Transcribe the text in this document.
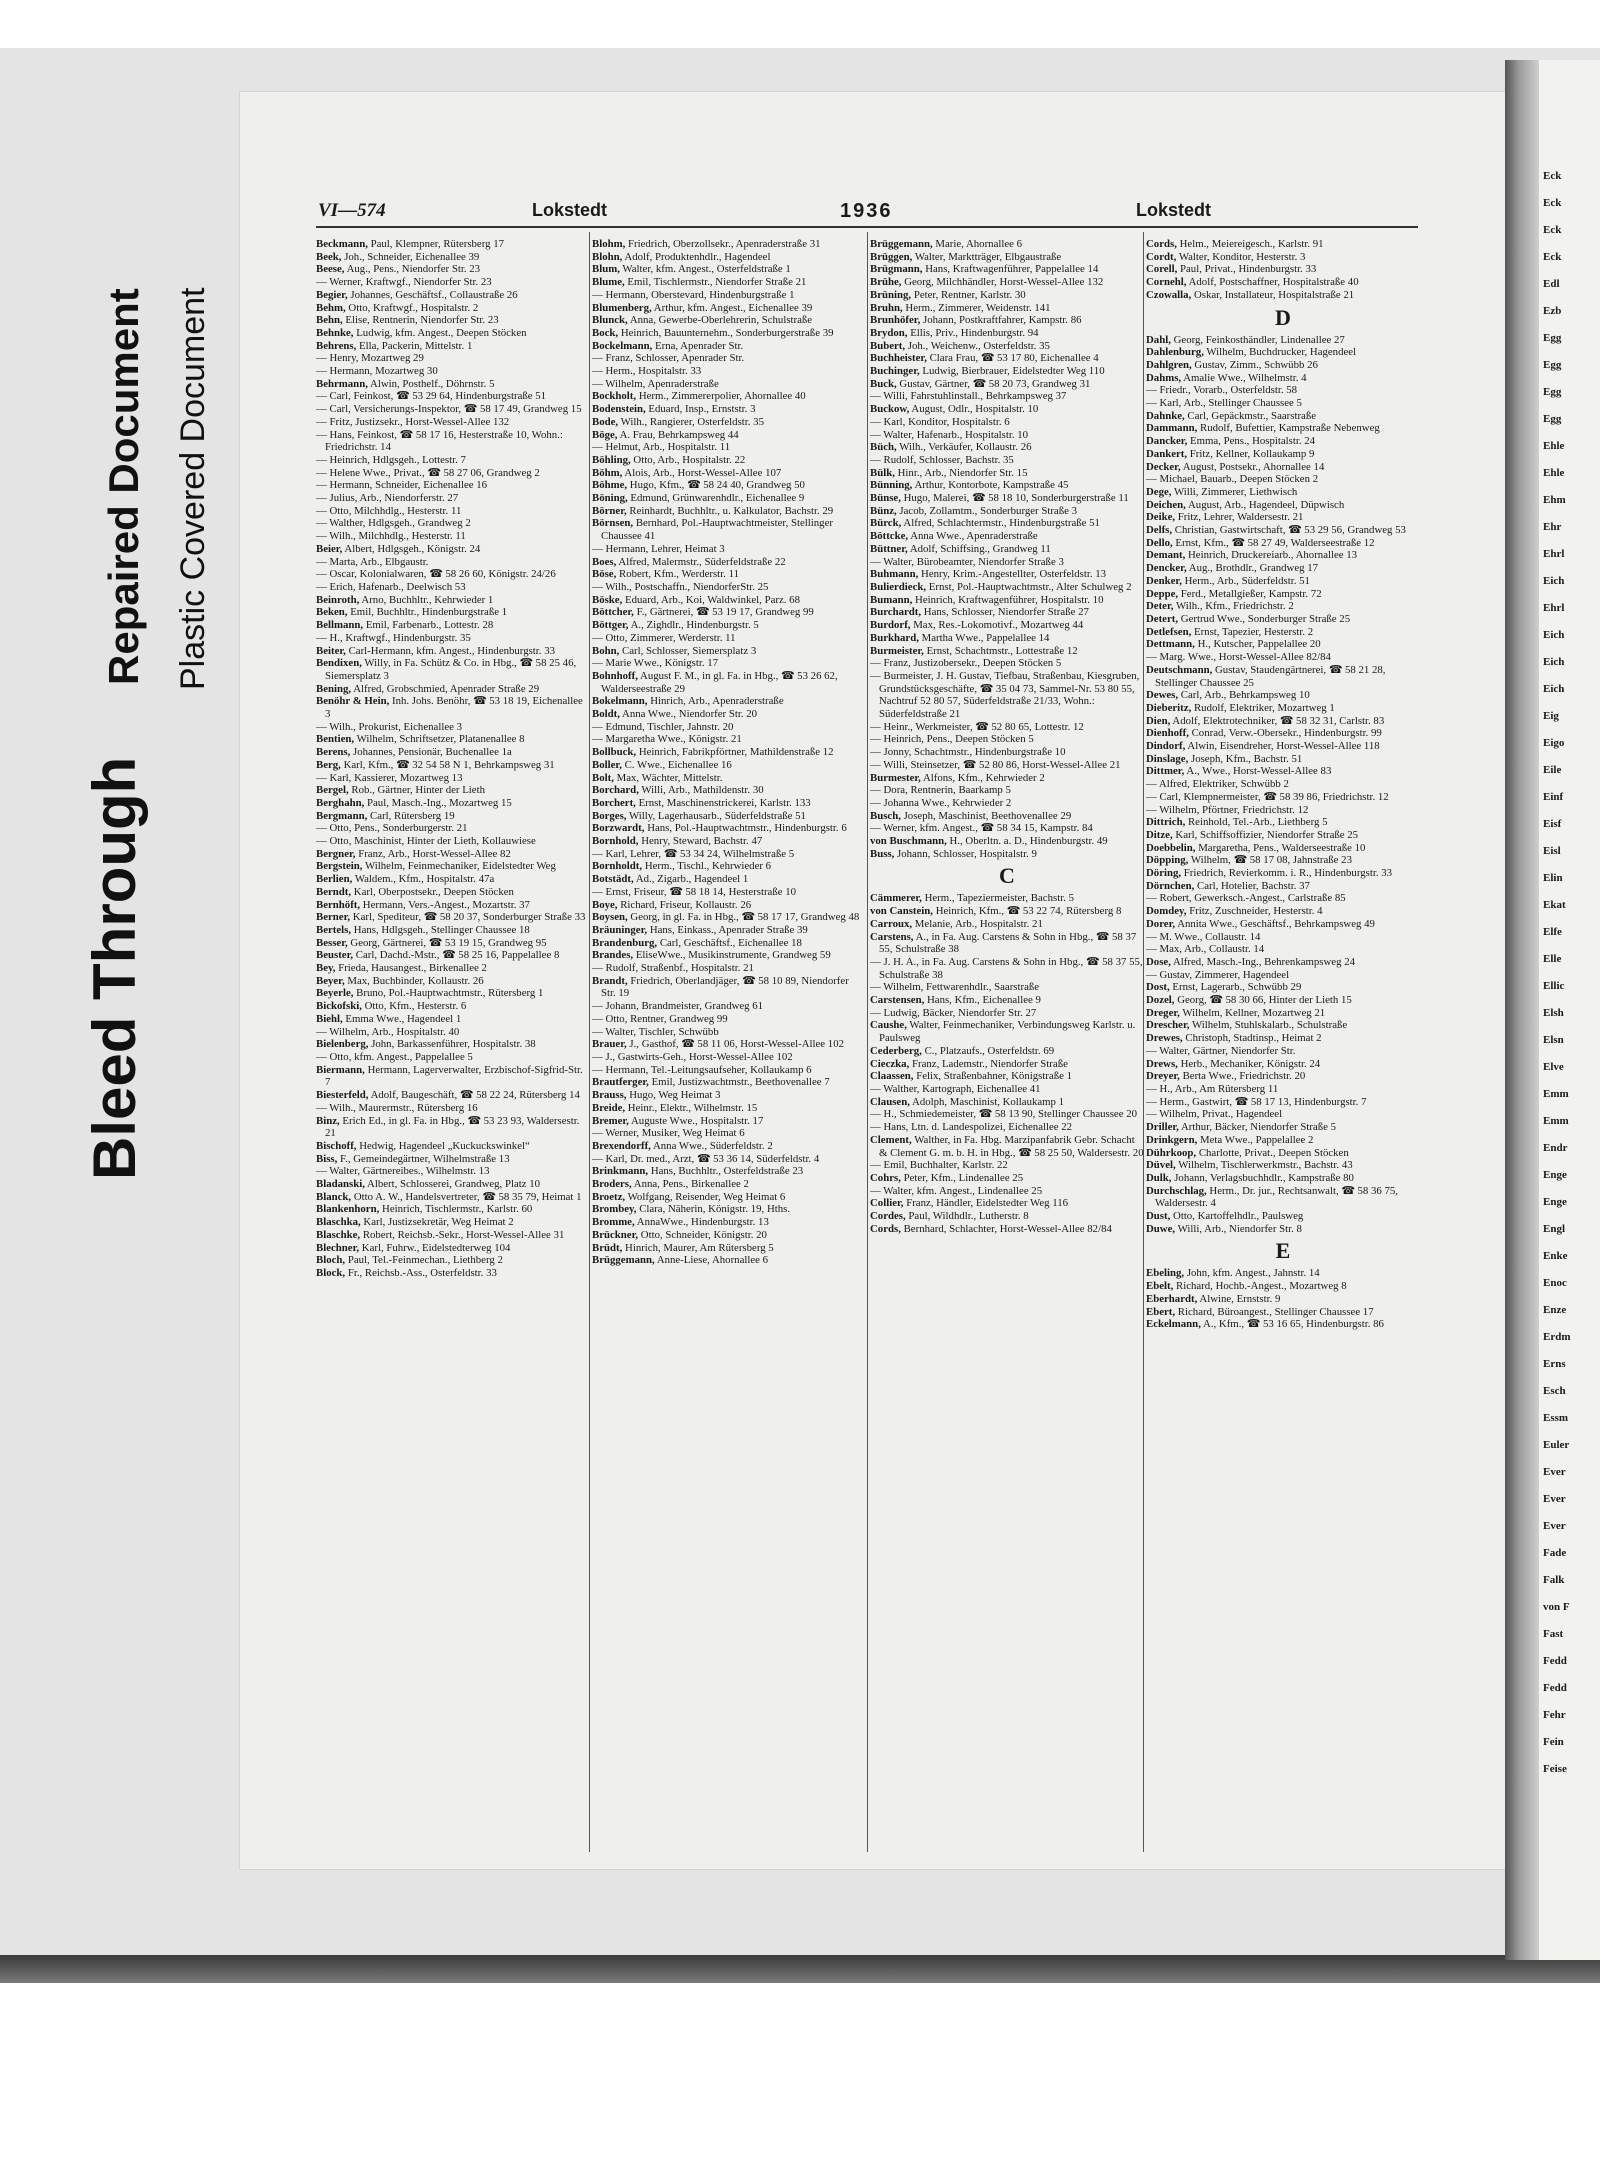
Bleed Through
Repaired Document Plastic Covered Document
VI—574	Lokstedt	1936	Lokstedt

Beckmann, Paul, Klempner, Rütersberg 17

Beek, Joh., Schneider, Eichenallee 39

Beese, Aug., Pens., Niendorfer Str. 23

— Werner, Kraftwgf., Niendorfer Str. 23

Begier, Johannes, Geschäftsf., Collaustraße 26

Behm, Otto, Kraftwgf., Hospitalstr. 2

Behn, Elise, Rentnerin, Niendorfer Str. 23

Behnke, Ludwig, kfm. Angest., Deepen Stöcken

Behrens, Ella, Packerin, Mittelstr. 1

— Henry, Mozartweg 29

— Hermann, Mozartweg 30

Behrmann, Alwin, Posthelf., Döhrnstr. 5

— Carl, Feinkost, ☎ 53 29 64, Hindenburgstraße 51

— Carl, Versicherungs-Inspektor, ☎ 58 17 49, Grandweg 15

— Fritz, Justizsekr., Horst-Wessel-Allee 132

— Hans, Feinkost, ☎ 58 17 16, Hesterstraße 10, Wohn.: Friedrichstr. 14

— Heinrich, Hdlgsgeh., Lottestr. 7

— Helene Wwe., Privat., ☎ 58 27 06, Grandweg 2

— Hermann, Schneider, Eichenallee 16

— Julius, Arb., Niendorferstr. 27

— Otto, Milchhdlg., Hesterstr. 11

— Walther, Hdlgsgeh., Grandweg 2

— Wilh., Milchhdlg., Hesterstr. 11

Beier, Albert, Hdlgsgeh., Königstr. 24

— Marta, Arb., Elbgaustr.

— Oscar, Kolonialwaren, ☎ 58 26 60, Königstr. 24/26

— Erich, Hafenarb., Deelwisch 53

Beinroth, Arno, Buchhltr., Kehrwieder 1

Beken, Emil, Buchhltr., Hindenburgstraße 1

Bellmann, Emil, Farbenarb., Lottestr. 28

— H., Kraftwgf., Hindenburgstr. 35

Beiter, Carl-Hermann, kfm. Angest., Hindenburgstr. 33

Bendixen, Willy, in Fa. Schütz & Co. in Hbg., ☎ 58 25 46, Siemersplatz 3

Bening, Alfred, Grobschmied, Apenrader Straße 29

Benöhr & Hein, Inh. Johs. Benöhr, ☎ 53 18 19, Eichenallee 3

— Wilh., Prokurist, Eichenallee 3

Bentien, Wilhelm, Schriftsetzer, Platanenallee 8

Berens, Johannes, Pensionär, Buchenallee 1a

Berg, Karl, Kfm., ☎ 32 54 58 N 1, Behrkampsweg 31

— Karl, Kassierer, Mozartweg 13

Bergel, Rob., Gärtner, Hinter der Lieth

Berghahn, Paul, Masch.-Ing., Mozartweg 15

Bergmann, Carl, Rütersberg 19

— Otto, Pens., Sonderburgerstr. 21

— Otto, Maschinist, Hinter der Lieth, Kollauwiese

Bergner, Franz, Arb., Horst-Wessel-Allee 82

Bergstein, Wilhelm, Feinmechaniker, Eidelstedter Weg

Berlien, Waldem., Kfm., Hospitalstr. 47a

Berndt, Karl, Oberpostsekr., Deepen Stöcken

Bernhöft, Hermann, Vers.-Angest., Mozartstr. 37

Berner, Karl, Spediteur, ☎ 58 20 37, Sonderburger Straße 33

Bertels, Hans, Hdlgsgeh., Stellinger Chaussee 18

Besser, Georg, Gärtnerei, ☎ 53 19 15, Grandweg 95

Beuster, Carl, Dachd.-Mstr., ☎ 58 25 16, Pappelallee 8

Bey, Frieda, Hausangest., Birkenallee 2

Beyer, Max, Buchbinder, Kollaustr. 26

Beyerle, Bruno, Pol.-Hauptwachtmstr., Rütersberg 1

Bickofski, Otto, Kfm., Hesterstr. 6

Biehl, Emma Wwe., Hagendeel 1

— Wilhelm, Arb., Hospitalstr. 40

Bielenberg, John, Barkassenführer, Hospitalstr. 38

— Otto, kfm. Angest., Pappelallee 5

Biermann, Hermann, Lagerverwalter, Erzbischof-Sigfrid-Str. 7

Biesterfeld, Adolf, Baugeschäft, ☎ 58 22 24, Rütersberg 14

— Wilh., Maurermstr., Rütersberg 16

Binz, Erich Ed., in gl. Fa. in Hbg., ☎ 53 23 93, Waldersestr. 21

Bischoff, Hedwig, Hagendeel „Kuckuckswinkel“

Biss, F., Gemeindegärtner, Wilhelmstraße 13

— Walter, Gärtnereibes., Wilhelmstr. 13

Bladanski, Albert, Schlosserei, Grandweg, Platz 10

Blanck, Otto A. W., Handelsvertreter, ☎ 58 35 79, Heimat 1

Blankenhorn, Heinrich, Tischlermstr., Karlstr. 60

Blaschka, Karl, Justizsekretär, Weg Heimat 2

Blaschke, Robert, Reichsb.-Sekr., Horst-Wessel-Allee 31

Blechner, Karl, Fuhrw., Eidelstedterweg 104

Bloch, Paul, Tel.-Feinmechan., Liethberg 2

Block, Fr., Reichsb.-Ass., Osterfeldstr. 33

Blohm, Friedrich, Oberzollsekr., Apenraderstraße 31

Blohn, Adolf, Produktenhdlr., Hagendeel

Blum, Walter, kfm. Angest., Osterfeldstraße 1

Blume, Emil, Tischlermstr., Niendorfer Straße 21

— Hermann, Oberstevard, Hindenburgstraße 1

Blumenberg, Arthur, kfm. Angest., Eichenallee 39

Blunck, Anna, Gewerbe-Oberlehrerin, Schulstraße

Bock, Heinrich, Bauunternehm., Sonderburgerstraße 39

Bockelmann, Erna, Apenrader Str.

— Franz, Schlosser, Apenrader Str.

— Herm., Hospitalstr. 33

— Wilhelm, Apenraderstraße

Bockholt, Herm., Zimmererpolier, Ahornallee 40

Bodenstein, Eduard, Insp., Ernststr. 3

Bode, Wilh., Rangierer, Osterfeldstr. 35

Böge, A. Frau, Behrkampsweg 44

— Helmut, Arb., Hospitalstr. 11

Böhling, Otto, Arb., Hospitalstr. 22

Böhm, Alois, Arb., Horst-Wessel-Allee 107

Böhme, Hugo, Kfm., ☎ 58 24 40, Grandweg 50

Böning, Edmund, Grünwarenhdlr., Eichenallee 9

Börner, Reinhardt, Buchhltr., u. Kalkulator, Bachstr. 29

Börnsen, Bernhard, Pol.-Hauptwachtmeister, Stellinger Chaussee 41

— Hermann, Lehrer, Heimat 3

Boes, Alfred, Malermstr., Süderfeldstraße 22

Böse, Robert, Kfm., Werderstr. 11

— Wilh., Postschaffn., NiendorferStr. 25

Böske, Eduard, Arb., Koi, Waldwinkel, Parz. 68

Böttcher, F., Gärtnerei, ☎ 53 19 17, Grandweg 99

Böttger, A., Zighdlr., Hindenburgstr. 5

— Otto, Zimmerer, Werderstr. 11

Bohn, Carl, Schlosser, Siemersplatz 3

— Marie Wwe., Königstr. 17

Bohnhoff, August F. M., in gl. Fa. in Hbg., ☎ 53 26 62, Walderseestraße 29

Bokelmann, Hinrich, Arb., Apenraderstraße

Boldt, Anna Wwe., Niendorfer Str. 20

— Edmund, Tischler, Jahnstr. 20

— Margaretha Wwe., Königstr. 21

Bollbuck, Heinrich, Fabrikpförtner, Mathildenstraße 12

Boller, C. Wwe., Eichenallee 16

Bolt, Max, Wächter, Mittelstr.

Borchard, Willi, Arb., Mathildenstr. 30

Borchert, Ernst, Maschinenstrickerei, Karlstr. 133

Borges, Willy, Lagerhausarb., Süderfeldstraße 51

Borzwardt, Hans, Pol.-Hauptwachtmstr., Hindenburgstr. 6

Bornhold, Henry, Steward, Bachstr. 47

— Karl, Lehrer, ☎ 53 34 24, Wilhelmstraße 5

Bornholdt, Herm., Tischl., Kehrwieder 6

Botstädt, Ad., Zigarb., Hagendeel 1

— Ernst, Friseur, ☎ 58 18 14, Hesterstraße 10

Boye, Richard, Friseur, Kollaustr. 26

Boysen, Georg, in gl. Fa. in Hbg., ☎ 58 17 17, Grandweg 48

Bräuninger, Hans, Einkass., Apenrader Straße 39

Brandenburg, Carl, Geschäftsf., Eichenallee 18

Brandes, EliseWwe., Musikinstrumente, Grandweg 59

— Rudolf, Straßenbf., Hospitalstr. 21

Brandt, Friedrich, Oberlandjäger, ☎ 58 10 89, Niendorfer Str. 19

— Johann, Brandmeister, Grandweg 61

— Otto, Rentner, Grandweg 99

— Walter, Tischler, Schwübb

Brauer, J., Gasthof, ☎ 58 11 06, Horst-Wessel-Allee 102

— J., Gastwirts-Geh., Horst-Wessel-Allee 102

— Hermann, Tel.-Leitungsaufseher, Kollaukamp 6

Brautferger, Emil, Justizwachtmstr., Beethovenallee 7

Brauss, Hugo, Weg Heimat 3

Breide, Heinr., Elektr., Wilhelmstr. 15

Bremer, Auguste Wwe., Hospitalstr. 17

— Werner, Musiker, Weg Heimat 6

Brexendorff, Anna Wwe., Süderfeldstr. 2

— Karl, Dr. med., Arzt, ☎ 53 36 14, Süderfeldstr. 4

Brinkmann, Hans, Buchhltr., Osterfeldstraße 23

Broders, Anna, Pens., Birkenallee 2

Broetz, Wolfgang, Reisender, Weg Heimat 6

Brombey, Clara, Näherin, Königstr. 19, Hths.

Bromme, AnnaWwe., Hindenburgstr. 13

Brückner, Otto, Schneider, Königstr. 20

Brüdt, Hinrich, Maurer, Am Rütersberg 5

Brüggemann, Anne-Liese, Ahornallee 6

Brüggemann, Marie, Ahornallee 6

Brüggen, Walter, Marktträger, Elbgaustraße

Brügmann, Hans, Kraftwagenführer, Pappelallee 14

Brühe, Georg, Milchhändler, Horst-Wessel-Allee 132

Brüning, Peter, Rentner, Karlstr. 30

Bruhn, Herm., Zimmerer, Weidenstr. 141

Brunhöfer, Johann, Postkraftfahrer, Kampstr. 86

Brydon, Ellis, Priv., Hindenburgstr. 94

Bubert, Joh., Weichenw., Osterfeldstr. 35

Buchheister, Clara Frau, ☎ 53 17 80, Eichenallee 4

Buchinger, Ludwig, Bierbrauer, Eidelstedter Weg 110

Buck, Gustav, Gärtner, ☎ 58 20 73, Grandweg 31

— Willi, Fahrstuhlinstall., Behrkampsweg 37

Buckow, August, Odlr., Hospitalstr. 10

— Karl, Konditor, Hospitalstr. 6

— Walter, Hafenarb., Hospitalstr. 10

Büch, Wilh., Verkäufer, Kollaustr. 26

— Rudolf, Schlosser, Bachstr. 35

Bülk, Hinr., Arb., Niendorfer Str. 15

Bünning, Arthur, Kontorbote, Kampstraße 45

Bünse, Hugo, Malerei, ☎ 58 18 10, Sonderburgerstraße 11

Bünz, Jacob, Zollamtm., Sonderburger Straße 3

Bürck, Alfred, Schlachtermstr., Hindenburgstraße 51

Böttcke, Anna Wwe., Apenraderstraße

Büttner, Adolf, Schiffsing., Grandweg 11

— Walter, Bürobeamter, Niendorfer Straße 3

Buhmann, Henry, Krim.-Angestellter, Osterfeldstr. 13

Bulierdieck, Ernst, Pol.-Hauptwachtmstr., Alter Schulweg 2

Bumann, Heinrich, Kraftwagenführer, Hospitalstr. 10

Burchardt, Hans, Schlosser, Niendorfer Straße 27

Burdorf, Max, Res.-Lokomotivf., Mozartweg 44

Burkhard, Martha Wwe., Pappelallee 14

Burmeister, Ernst, Schachtmstr., Lottestraße 12

— Franz, Justizobersekr., Deepen Stöcken 5

— Burmeister, J. H. Gustav, Tiefbau, Straßenbau, Kiesgruben, Grundstücksgeschäfte, ☎ 35 04 73, Sammel-Nr. 53 80 55, Nachtruf 52 80 57, Süderfeldstraße 21/33, Wohn.: Süderfeldstraße 21

— Heinr., Werkmeister, ☎ 52 80 65, Lottestr. 12

— Heinrich, Pens., Deepen Stöcken 5

— Jonny, Schachtmstr., Hindenburgstraße 10

— Willi, Steinsetzer, ☎ 52 80 86, Horst-Wessel-Allee 21

Burmester, Alfons, Kfm., Kehrwieder 2

— Dora, Rentnerin, Baarkamp 5

— Johanna Wwe., Kehrwieder 2

Busch, Joseph, Maschinist, Beethovenallee 29

— Werner, kfm. Angest., ☎ 58 34 15, Kampstr. 84

von Buschmann, H., Oberltn. a. D., Hindenburgstr. 49

Buss, Johann, Schlosser, Hospitalstr. 9

C

Cämmerer, Herm., Tapeziermeister, Bachstr. 5

von Canstein, Heinrich, Kfm., ☎ 53 22 74, Rütersberg 8

Carroux, Melanie, Arb., Hospitalstr. 21

Carstens, A., in Fa. Aug. Carstens & Sohn in Hbg., ☎ 58 37 55, Schulstraße 38

— J. H. A., in Fa. Aug. Carstens & Sohn in Hbg., ☎ 58 37 55, Schulstraße 38

— Wilhelm, Fettwarenhdlr., Saarstraße

Carstensen, Hans, Kfm., Eichenallee 9

— Ludwig, Bäcker, Niendorfer Str. 27

Caushe, Walter, Feinmechaniker, Verbindungsweg Karlstr. u. Paulsweg

Cederberg, C., Platzaufs., Osterfeldstr. 69

Cieczka, Franz, Lademstr., Niendorfer Straße

Claassen, Felix, Straßenbahner, Königstraße 1

— Walther, Kartograph, Eichenallee 41

Clausen, Adolph, Maschinist, Kollaukamp 1

— H., Schmiedemeister, ☎ 58 13 90, Stellinger Chaussee 20

— Hans, Ltn. d. Landespolizei, Eichenallee 22

Clement, Walther, in Fa. Hbg. Marzipanfabrik Gebr. Schacht & Clement G. m. b. H. in Hbg., ☎ 58 25 50, Waldersestr. 20

— Emil, Buchhalter, Karlstr. 22

Cohrs, Peter, Kfm., Lindenallee 25

— Walter, kfm. Angest., Lindenallee 25

Collier, Franz, Händler, Eidelstedter Weg 116

Cordes, Paul, Wildhdlr., Lutherstr. 8

Cords, Bernhard, Schlachter, Horst-Wessel-Allee 82/84

Cords, Helm., Meiereigesch., Karlstr. 91

Cordt, Walter, Konditor, Hesterstr. 3

Corell, Paul, Privat., Hindenburgstr. 33

Cornehl, Adolf, Postschaffner, Hospitalstraße 40

Czowalla, Oskar, Installateur, Hospitalstraße 21

D

Dahl, Georg, Feinkosthändler, Lindenallee 27

Dahlenburg, Wilhelm, Buchdrucker, Hagendeel

Dahlgren, Gustav, Zimm., Schwübb 26

Dahms, Amalie Wwe., Wilhelmstr. 4

— Friedr., Vorarb., Osterfeldstr. 58

— Karl, Arb., Stellinger Chaussee 5

Dahnke, Carl, Gepäckmstr., Saarstraße

Dammann, Rudolf, Bufettier, Kampstraße Nebenweg

Dancker, Emma, Pens., Hospitalstr. 24

Dankert, Fritz, Kellner, Kollaukamp 9

Decker, August, Postsekr., Ahornallee 14

— Michael, Bauarb., Deepen Stöcken 2

Dege, Willi, Zimmerer, Liethwisch

Deichen, August, Arb., Hagendeel, Düpwisch

Deike, Fritz, Lehrer, Waldersestr. 21

Delfs, Christian, Gastwirtschaft, ☎ 53 29 56, Grandweg 53

Dello, Ernst, Kfm., ☎ 58 27 49, Walderseestraße 12

Demant, Heinrich, Druckereiarb., Ahornallee 13

Dencker, Aug., Brothdlr., Grandweg 17

Denker, Herm., Arb., Süderfeldstr. 51

Deppe, Ferd., Metallgießer, Kampstr. 72

Deter, Wilh., Kfm., Friedrichstr. 2

Detert, Gertrud Wwe., Sonderburger Straße 25

Detlefsen, Ernst, Tapezier, Hesterstr. 2

Dettmann, H., Kutscher, Pappelallee 20

— Marg. Wwe., Horst-Wessel-Allee 82/84

Deutschmann, Gustav, Staudengärtnerei, ☎ 58 21 28, Stellinger Chaussee 25

Dewes, Carl, Arb., Behrkampsweg 10

Dieberitz, Rudolf, Elektriker, Mozartweg 1

Dien, Adolf, Elektrotechniker, ☎ 58 32 31, Carlstr. 83

Dienhoff, Conrad, Verw.-Obersekr., Hindenburgstr. 99

Dindorf, Alwin, Eisendreher, Horst-Wessel-Allee 118

Dinslage, Joseph, Kfm., Bachstr. 51

Dittmer, A., Wwe., Horst-Wessel-Allee 83

— Alfred, Elektriker, Schwübb 2

— Carl, Klempnermeister, ☎ 58 39 86, Friedrichstr. 12

— Wilhelm, Pförtner, Friedrichstr. 12

Dittrich, Reinhold, Tel.-Arb., Liethberg 5

Ditze, Karl, Schiffsoffizier, Niendorfer Straße 25

Doebbelin, Margaretha, Pens., Walderseestraße 10

Döpping, Wilhelm, ☎ 58 17 08, Jahnstraße 23

Döring, Friedrich, Revierkomm. i. R., Hindenburgstr. 33

Dörnchen, Carl, Hotelier, Bachstr. 37

— Robert, Gewerksch.-Angest., Carlstraße 85

Domdey, Fritz, Zuschneider, Hesterstr. 4

Dorer, Annita Wwe., Geschäftsf., Behrkampsweg 49

— M. Wwe., Collaustr. 14

— Max, Arb., Collaustr. 14

Dose, Alfred, Masch.-Ing., Behrenkampsweg 24

— Gustav, Zimmerer, Hagendeel

Dost, Ernst, Lagerarb., Schwübb 29

Dozel, Georg, ☎ 58 30 66, Hinter der Lieth 15

Dreger, Wilhelm, Kellner, Mozartweg 21

Drescher, Wilhelm, Stuhlskalarb., Schulstraße

Drewes, Christoph, Stadtinsp., Heimat 2

— Walter, Gärtner, Niendorfer Str.

Drews, Herb., Mechaniker, Königstr. 24

Dreyer, Berta Wwe., Friedrichstr. 20

— H., Arb., Am Rütersberg 11

— Herm., Gastwirt, ☎ 58 17 13, Hindenburgstr. 7

— Wilhelm, Privat., Hagendeel

Driller, Arthur, Bäcker, Niendorfer Straße 5

Drinkgern, Meta Wwe., Pappelallee 2

Dührkoop, Charlotte, Privat., Deepen Stöcken

Düvel, Wilhelm, Tischlerwerkmstr., Bachstr. 43

Dulk, Johann, Verlagsbuchhdlr., Kampstraße 80

Durchschlag, Herm., Dr. jur., Rechtsanwalt, ☎ 58 36 75, Waldersestr. 4

Dust, Otto, Kartoffelhdlr., Paulsweg

Duwe, Willi, Arb., Niendorfer Str. 8

E

Ebeling, John, kfm. Angest., Jahnstr. 14

Ebelt, Richard, Hochb.-Angest., Mozartweg 8

Eberhardt, Alwine, Ernststr. 9

Ebert, Richard, Büroangest., Stellinger Chaussee 17

Eckelmann, A., Kfm., ☎ 53 16 65, Hindenburgstr. 86

Eck
Eck
Eck
Eck
Edl
Ezb
Egg
Egg
Egg
Egg
Ehle
Ehle
Ehm
Ehr
Ehrl
Eich
Ehrl
Eich
Eich
Eich
Eig
Eigo
Eile
Einf
Eisf
Eisl
Elin
Ekat
Elfe
Elle
Ellic
Elsh
Elsn
Elve
Emm
Emm
Endr
Enge
Enge
Engl
Enke
Enoc
Enze
Erdm
Erns
Esch
Essm
Euler
Ever
Ever
Ever
Fade
Falk
von F
Fast
Fedd
Fedd
Fehr
Fein
Feise
